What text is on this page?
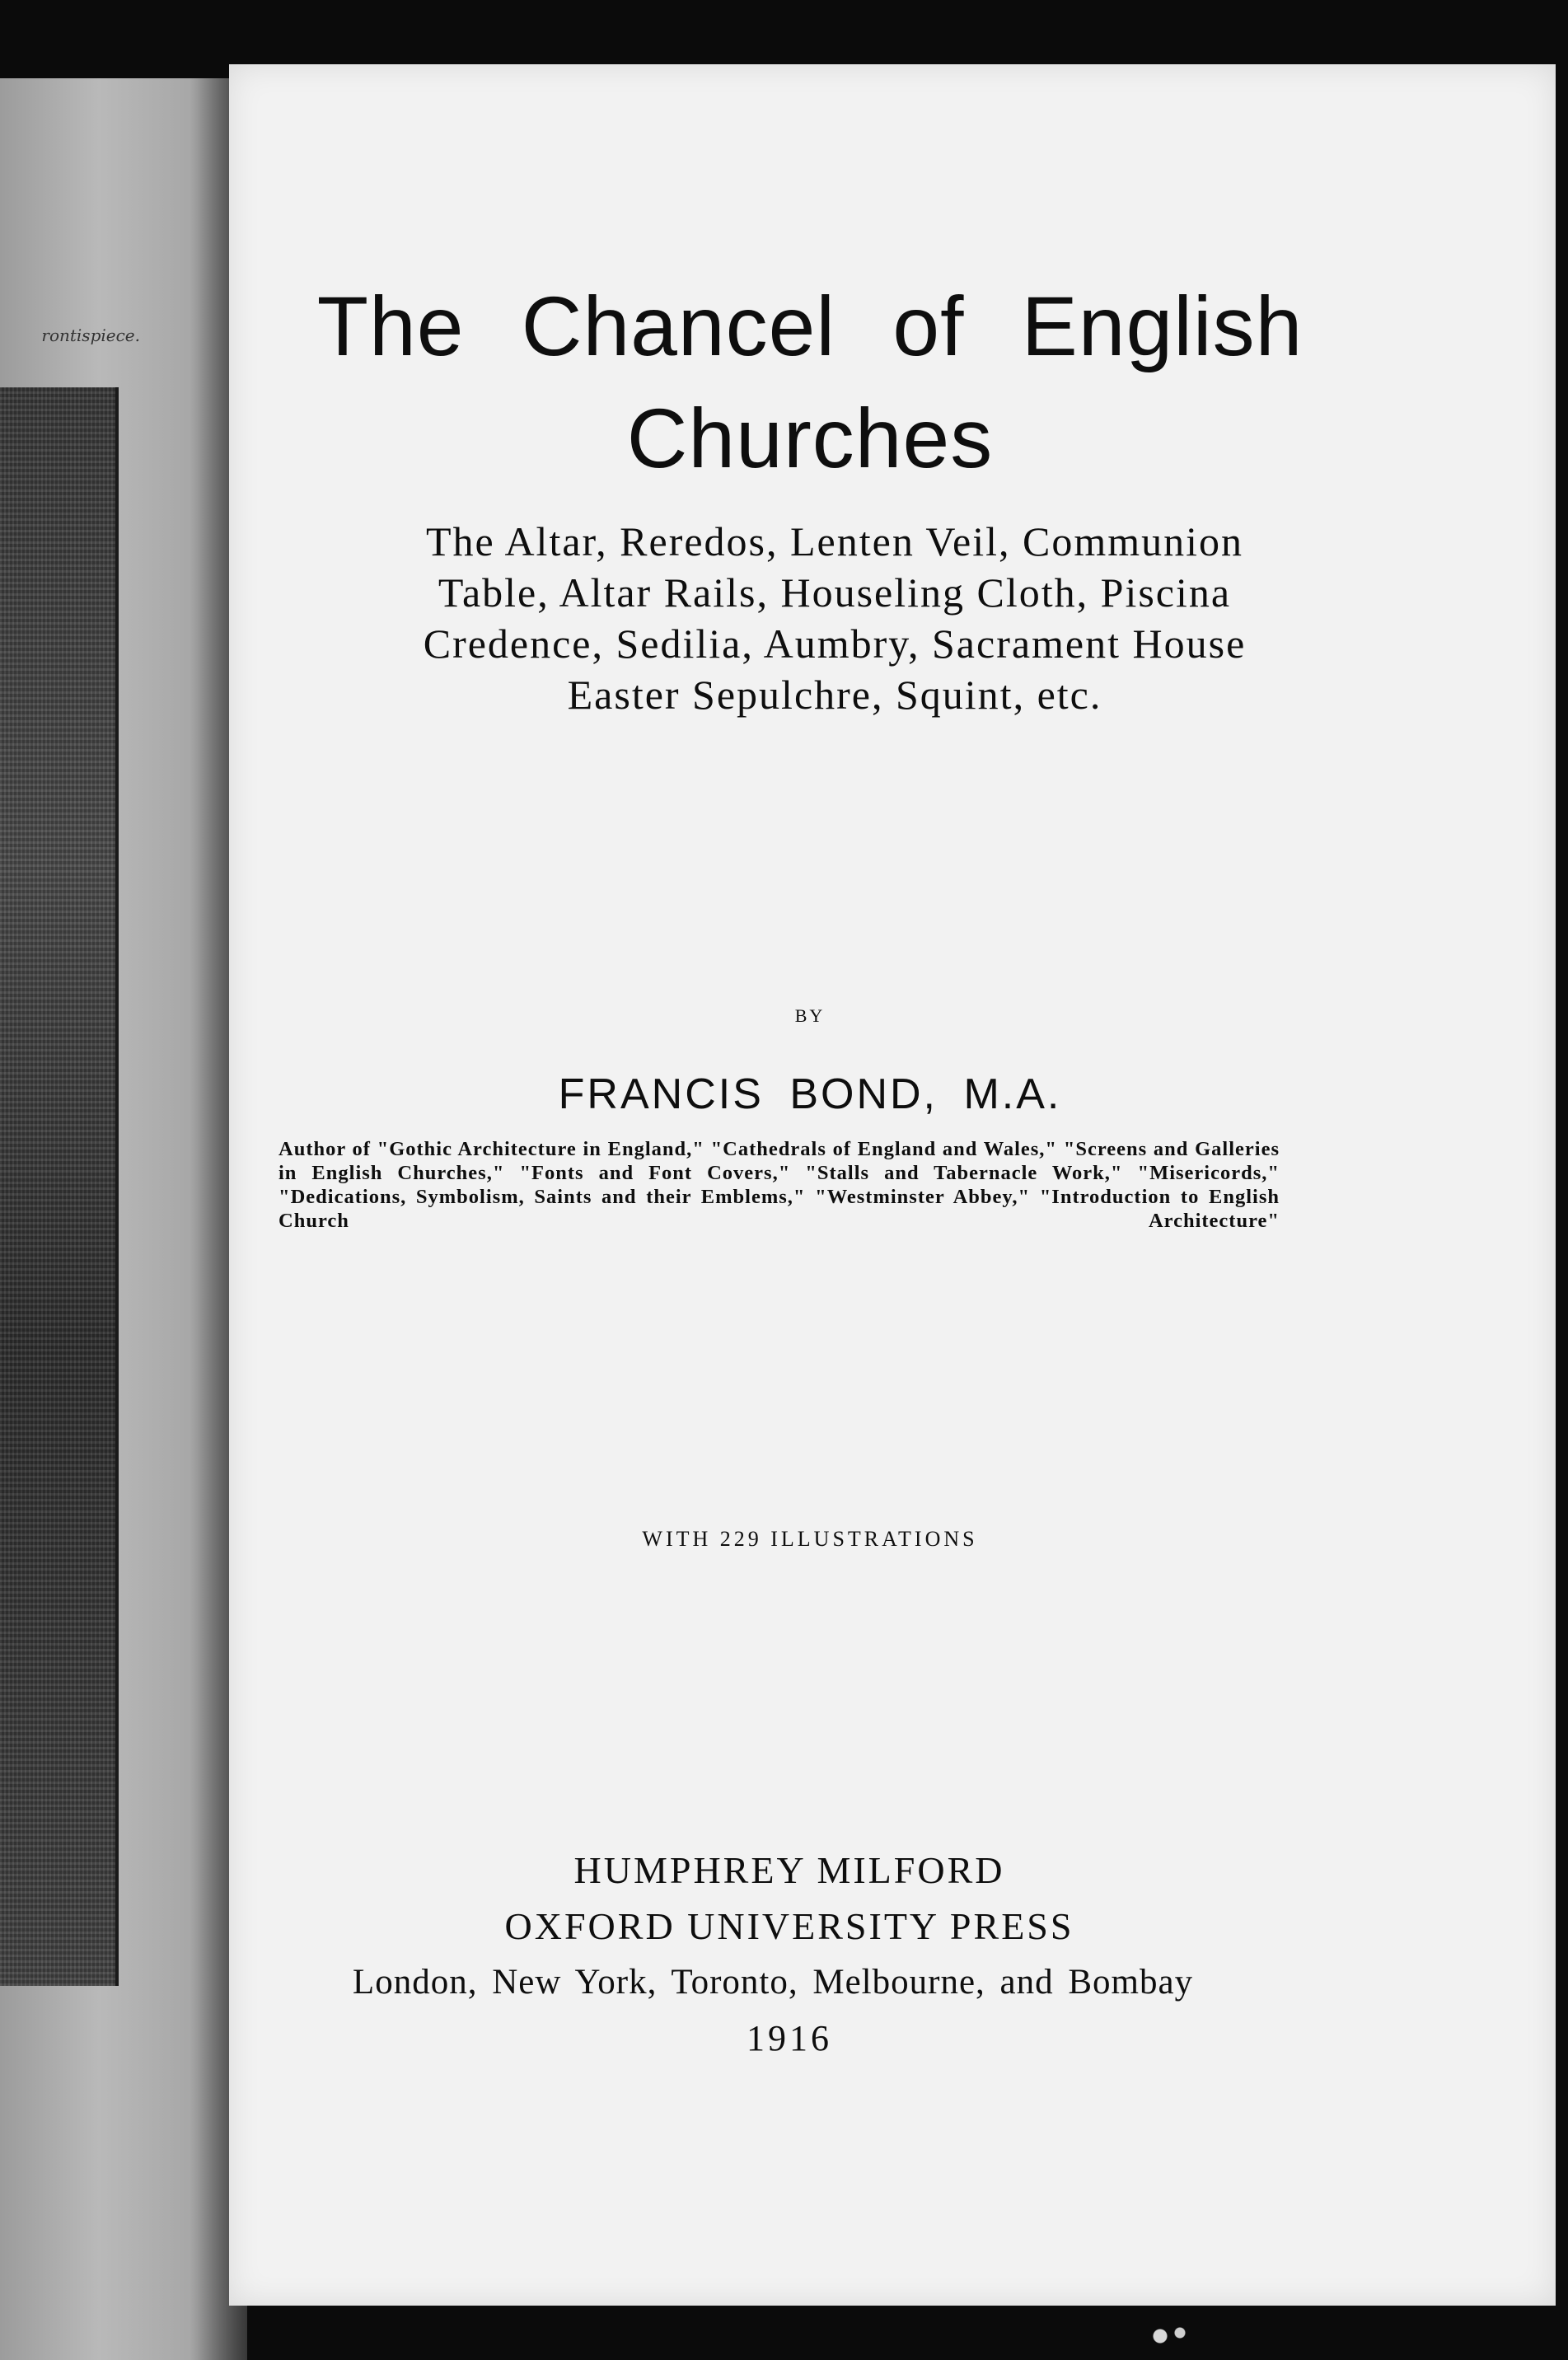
rontispiece.	The Chancel of English
Churches
The Altar, Reredos, Lenten Veil, Communion
Table, Altar Rails, Houseling Cloth, Piscina
Credence, Sedilia, Aumbry, Sacrament House
Easter Sepulchre, Squint, etc.
BY
FRANCIS BOND, M.A.
Author of "Gothic Architecture in England," "Cathedrals of England and Wales," "Screens and Galleries in English Churches," "Fonts and Font Covers," "Stalls and Tabernacle Work," "Misericords," "Dedications, Symbolism, Saints and their Emblems," "Westminster Abbey," "Introduction to English Church Architecture"
WITH 229 ILLUSTRATIONS
HUMPHREY MILFORD
OXFORD UNIVERSITY PRESS
London, New York, Toronto, Melbourne, and Bombay
1916
